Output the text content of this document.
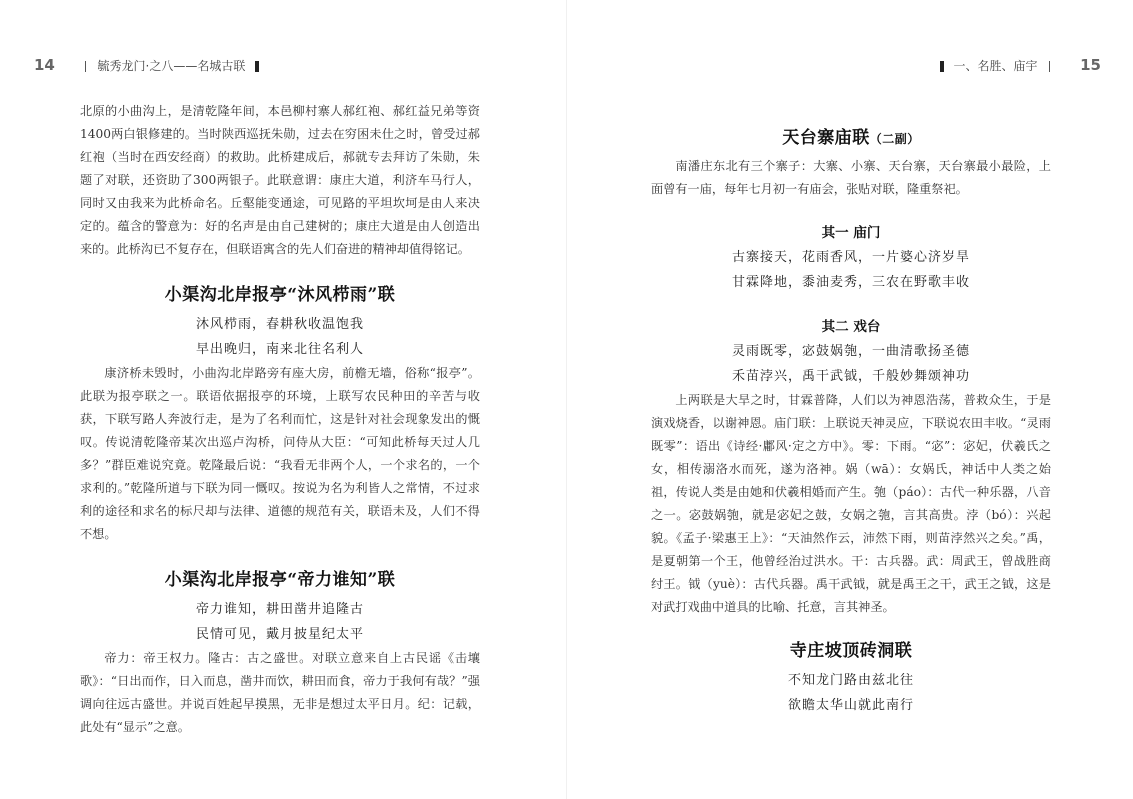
14	毓秀龙门·之八——名城古联

北原的小曲沟上，是清乾隆年间，本邑柳村寨人郝红袍、郝红益兄弟等资1400两白银修建的。当时陕西巡抚朱勋，过去在穷困未仕之时，曾受过郝红袍（当时在西安经商）的救助。此桥建成后，郝就专去拜访了朱勋，朱题了对联，还资助了300两银子。此联意谓：康庄大道，利济车马行人，同时又由我来为此桥命名。丘壑能变通途，可见路的平坦坎坷是由人来决定的。蕴含的警意为：好的名声是由自己建树的；康庄大道是由人创造出来的。此桥沟已不复存在，但联语寓含的先人们奋进的精神却值得铭记。

小渠沟北岸报亭“沐风栉雨”联
沐风栉雨，春耕秋收温饱我
早出晚归，南来北往名利人

康济桥未毁时，小曲沟北岸路旁有座大房，前檐无墙，俗称“报亭”。此联为报亭联之一。联语依据报亭的环境，上联写农民种田的辛苦与收获，下联写路人奔波行走，是为了名利而忙，这是针对社会现象发出的慨叹。传说清乾隆帝某次出巡卢沟桥，问侍从大臣：“可知此桥每天过人几多？”群臣难说究竟。乾隆最后说：“我看无非两个人，一个求名的，一个求利的。”乾隆所道与下联为同一慨叹。按说为名为利皆人之常情，不过求利的途径和求名的标尺却与法律、道德的规范有关，联语未及，人们不得不想。

小渠沟北岸报亭“帝力谁知”联
帝力谁知，耕田凿井追隆古
民情可见，戴月披星纪太平

帝力：帝王权力。隆古：古之盛世。对联立意来自上古民谣《击壤歌》：“日出而作，日入而息，凿井而饮，耕田而食，帝力于我何有哉？”强调向往远古盛世。并说百姓起早摸黑，无非是想过太平日月。纪：记载，此处有“显示”之意。

一、名胜、庙宇	15
天台寨庙联（二副）

南潘庄东北有三个寨子：大寨、小寨、天台寨，天台寨最小最险，上面曾有一庙，每年七月初一有庙会，张贴对联，隆重祭祀。

其一 庙门
古寨接天，花雨香风，一片婆心济岁旱
甘霖降地，黍油麦秀，三农在野歌丰收
其二 戏台
灵雨既零，宓鼓娲匏，一曲清歌扬圣德
禾苗浡兴，禹干武钺，千般妙舞颂神功

上两联是大旱之时，甘霖普降，人们以为神恩浩荡，普救众生，于是演戏烧香，以谢神恩。庙门联：上联说天神灵应，下联说农田丰收。“灵雨既零”：语出《诗经·鄘风·定之方中》。零：下雨。“宓”：宓妃，伏羲氏之女，相传溺洛水而死，遂为洛神。娲（wā）：女娲氏，神话中人类之始祖，传说人类是由她和伏羲相婚而产生。匏（páo）：古代一种乐器，八音之一。宓鼓娲匏，就是宓妃之鼓，女娲之匏，言其高贵。浡（bó）：兴起貌。《孟子·梁惠王上》：“天油然作云，沛然下雨，则苗浡然兴之矣。”禹，是夏朝第一个王，他曾经治过洪水。干：古兵器。武：周武王，曾战胜商纣王。钺（yuè）：古代兵器。禹干武钺，就是禹王之干，武王之钺，这是对武打戏曲中道具的比喻、托意，言其神圣。

寺庄坡顶砖洞联
不知龙门路由兹北往
欲瞻太华山就此南行
